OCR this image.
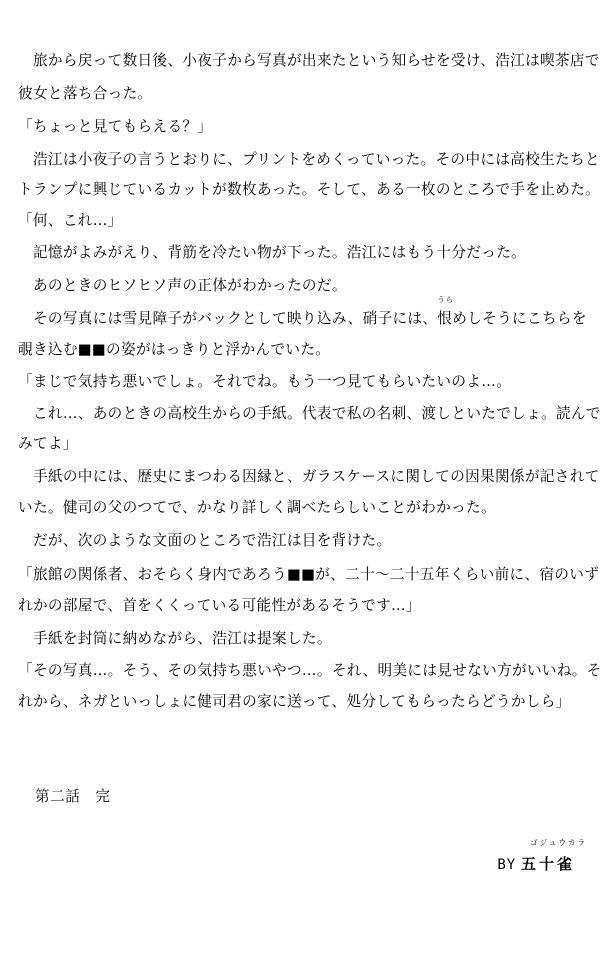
　旅から戻って数日後、小夜子から写真が出来たという知らせを受け、浩江は喫茶店で
彼女と落ち合った。
「ちょっと見てもらえる？」
　浩江は小夜子の言うとおりに、プリントをめくっていった。その中には高校生たちと
トランプに興じているカットが数枚あった。そして、ある一枚のところで手を止めた。
「何、これ…」
　記憶がよみがえり、背筋を冷たい物が下った。浩江にはもう十分だった。
　あのときのヒソヒソ声の正体がわかったのだ。
　その写真には雪見障子がバックとして映り込み、硝子には、
うら
恨めしそうにこちらを
覗き込む■■の姿がはっきりと浮かんでいた。
「まじで気持ち悪いでしょ。それでね。もう一つ見てもらいたいのよ…。
　これ…、あのときの高校生からの手紙。代表で私の名刺、渡しといたでしょ。読んで
みてよ」
　手紙の中には、歴史にまつわる因縁と、ガラスケースに関しての因果関係が記されて
いた。健司の父のつてで、かなり詳しく調べたらしいことがわかった。
　だが、次のような文面のところで浩江は目を背けた。
「旅館の関係者、おそらく身内であろう■■が、二十～二十五年くらい前に、宿のいず
れかの部屋で、首をくくっている可能性があるそうです…」
　手紙を封筒に納めながら、浩江は提案した。
「その写真…。そう、その気持ち悪いやつ…。それ、明美には見せない方がいいね。そ
れから、ネガといっしょに健司君の家に送って、処分してもらったらどうかしら」
第二話　完
ゴジュウカラ
BY 五十雀
